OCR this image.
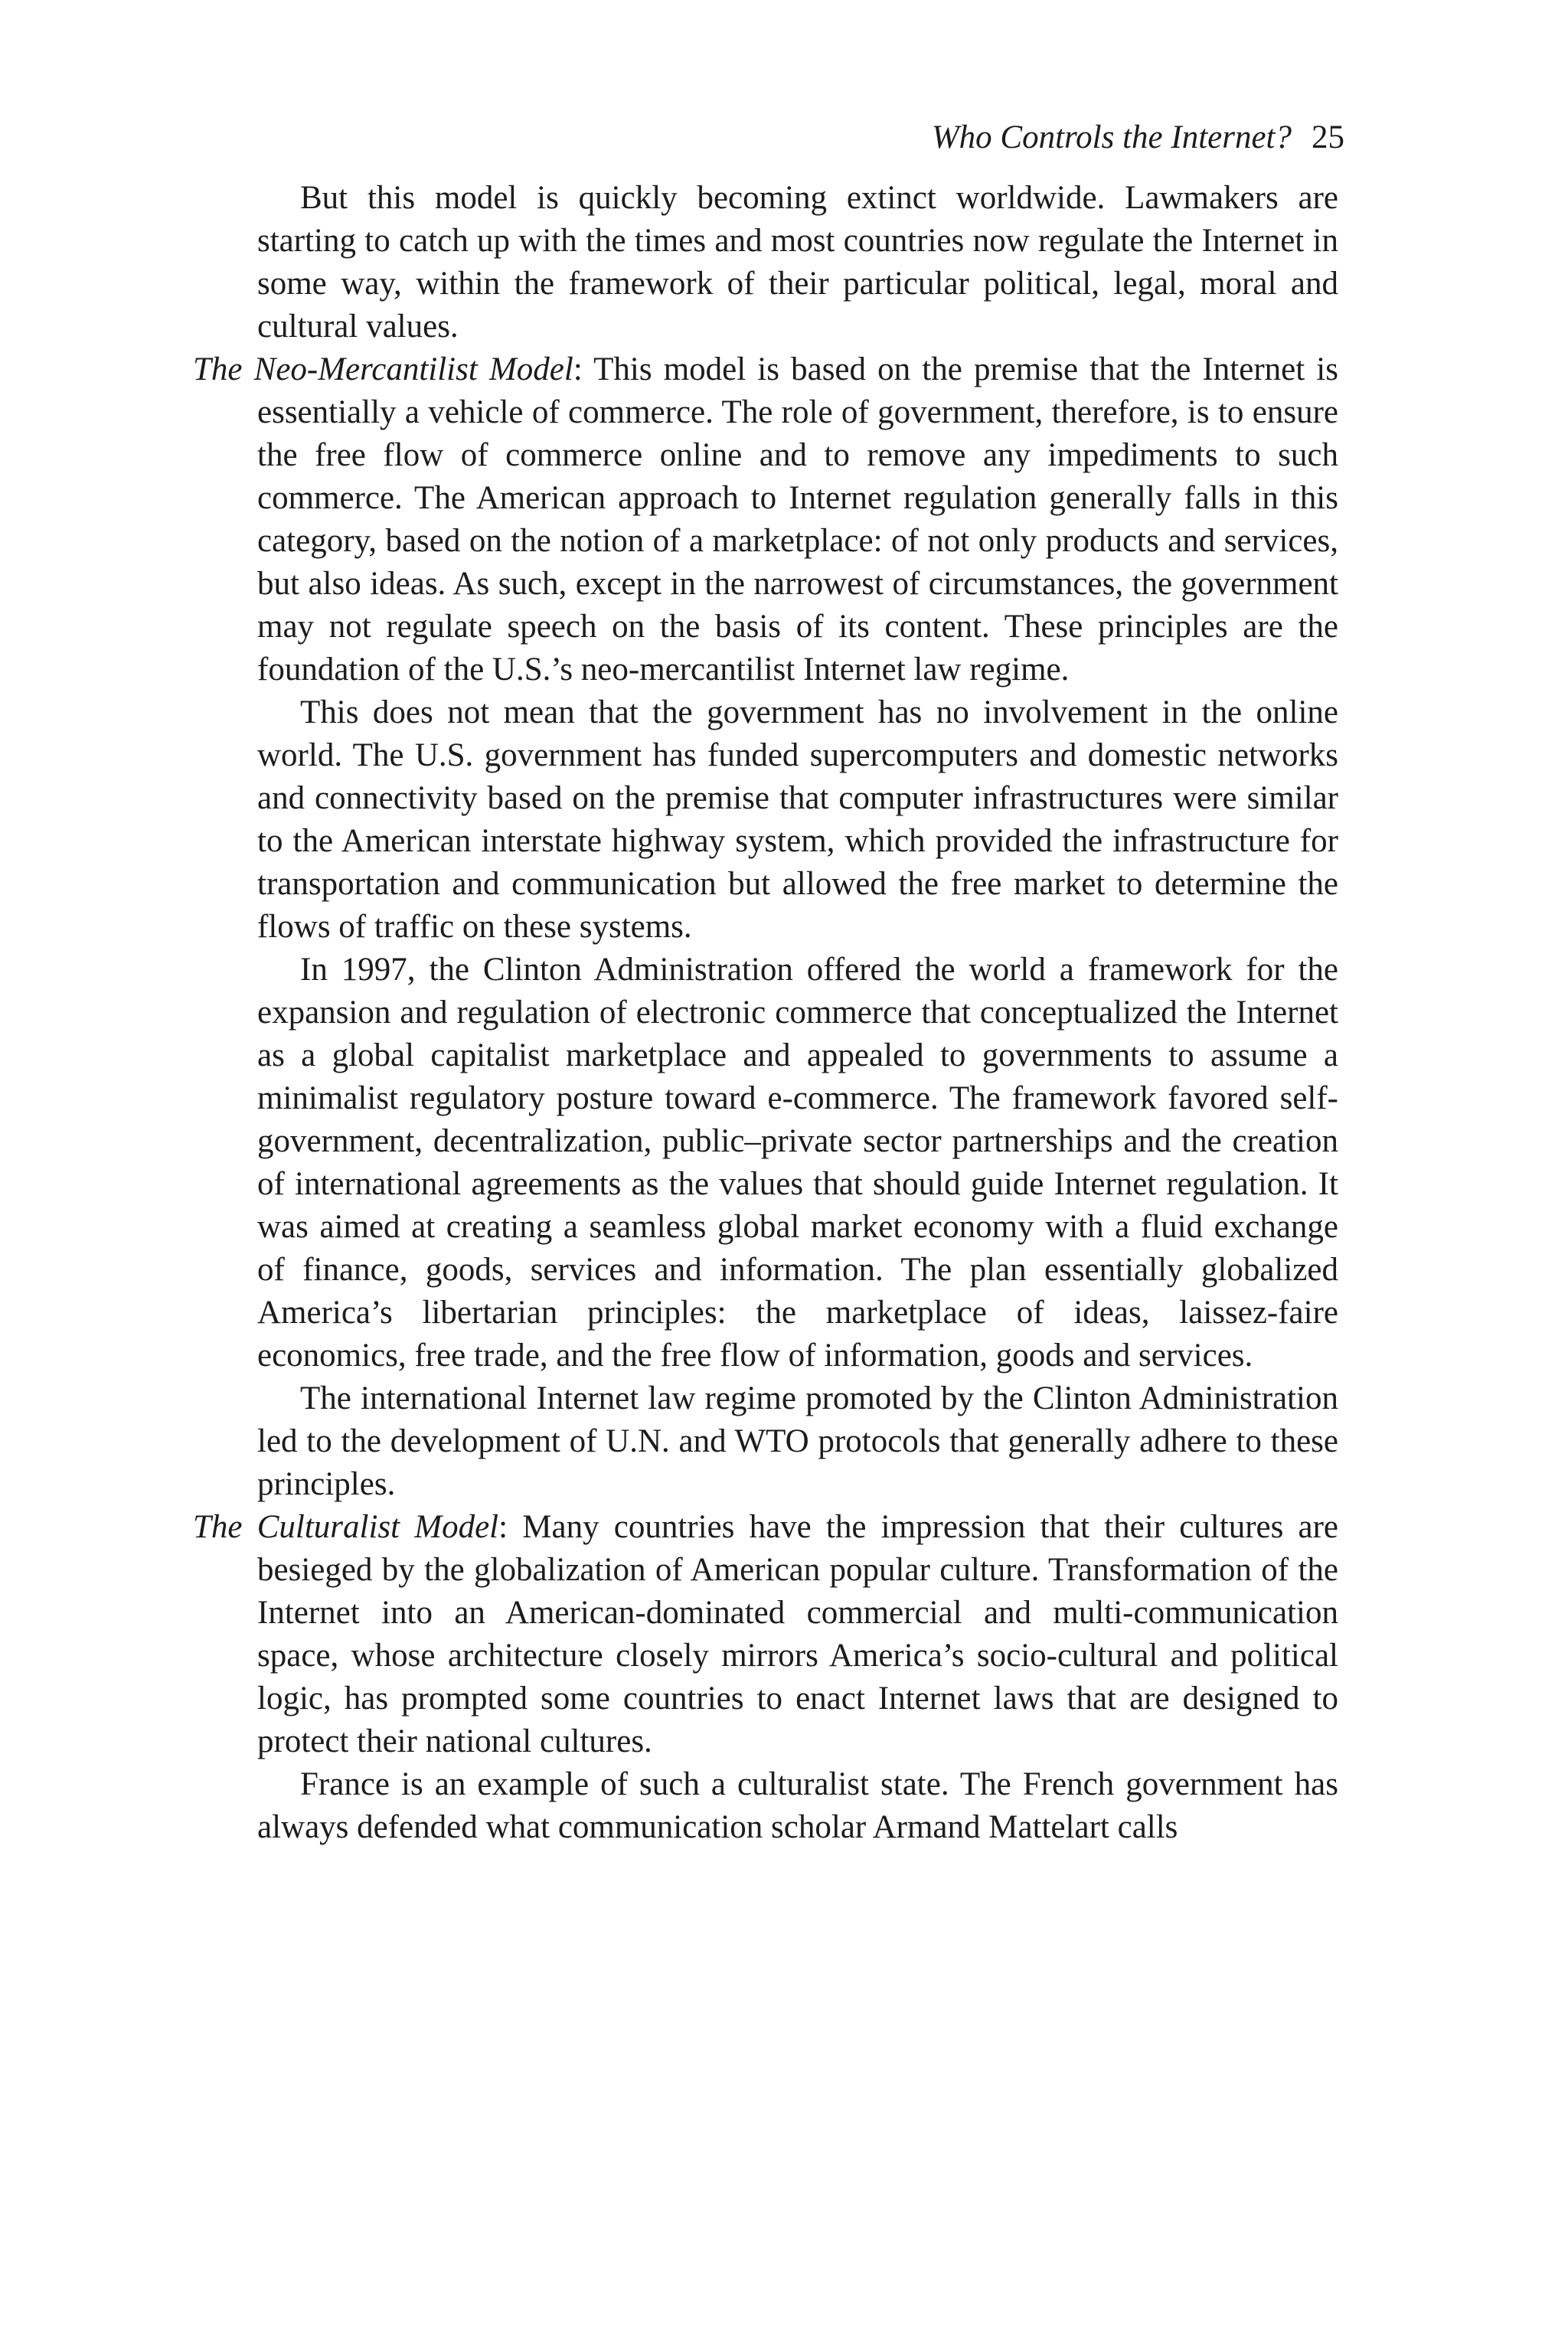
Who Controls the Internet? 25

But this model is quickly becoming extinct worldwide. Lawmakers are starting to catch up with the times and most countries now regulate the Internet in some way, within the framework of their particular political, legal, moral and cultural values.

The Neo-Mercantilist Model: This model is based on the premise that the Internet is essentially a vehicle of commerce. The role of government, therefore, is to ensure the free flow of commerce online and to remove any impediments to such commerce. The American approach to Internet regulation generally falls in this category, based on the notion of a marketplace: of not only products and services, but also ideas. As such, except in the narrowest of circumstances, the government may not regulate speech on the basis of its content. These principles are the foundation of the U.S.’s neo-mercantilist Internet law regime.

This does not mean that the government has no involvement in the online world. The U.S. government has funded supercomputers and domestic networks and connectivity based on the premise that computer infrastructures were similar to the American interstate highway system, which provided the infrastructure for transportation and communication but allowed the free market to determine the flows of traffic on these systems.

In 1997, the Clinton Administration offered the world a framework for the expansion and regulation of electronic commerce that conceptualized the Internet as a global capitalist marketplace and appealed to governments to assume a minimalist regulatory posture toward e-commerce. The framework favored self-government, decentralization, public–private sector partnerships and the creation of international agreements as the values that should guide Internet regulation. It was aimed at creating a seamless global market economy with a fluid exchange of finance, goods, services and information. The plan essentially globalized America’s libertarian principles: the marketplace of ideas, laissez-faire economics, free trade, and the free flow of information, goods and services.

The international Internet law regime promoted by the Clinton Administration led to the development of U.N. and WTO protocols that generally adhere to these principles.

The Culturalist Model: Many countries have the impression that their cultures are besieged by the globalization of American popular culture. Transformation of the Internet into an American-dominated commercial and multi-communication space, whose architecture closely mirrors America’s socio-cultural and political logic, has prompted some countries to enact Internet laws that are designed to protect their national cultures.

France is an example of such a culturalist state. The French government has always defended what communication scholar Armand Mattelart calls
